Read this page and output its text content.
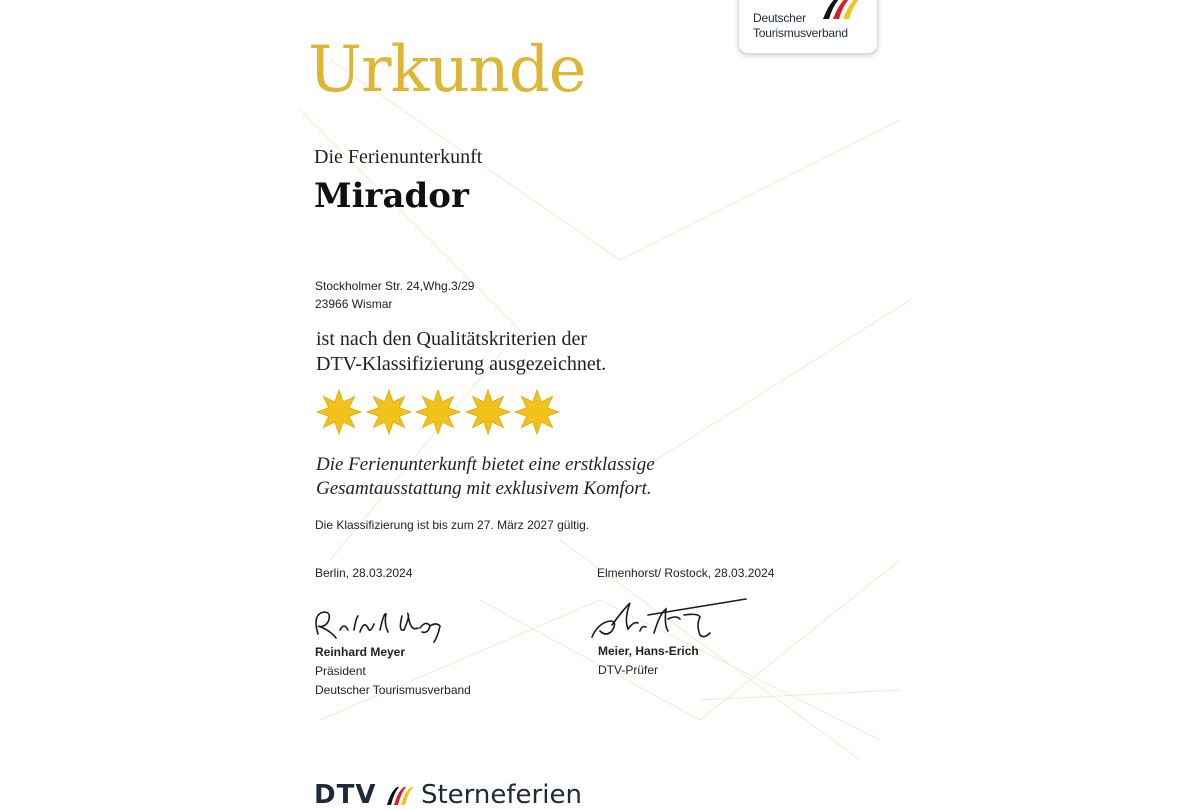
Deutscher
Tourismusverband
Urkunde
Die Ferienunterkunft
Mirador
Stockholmer Str. 24,Whg.3/29
23966 Wismar
ist nach den Qualitätskriterien der
DTV-Klassifizierung ausgezeichnet.
Die Ferienunterkunft bietet eine erstklassige
Gesamtausstattung mit exklusivem Komfort.
Die Klassifizierung ist bis zum 27. März 2027 gültig.
Berlin, 28.03.2024	Elmenhorst/ Rostock, 28.03.2024
Reinhard Meyer
Präsident
Deutscher Tourismusverband
Meier, Hans-Erich
DTV-Prüfer
DTV Sterneferien
